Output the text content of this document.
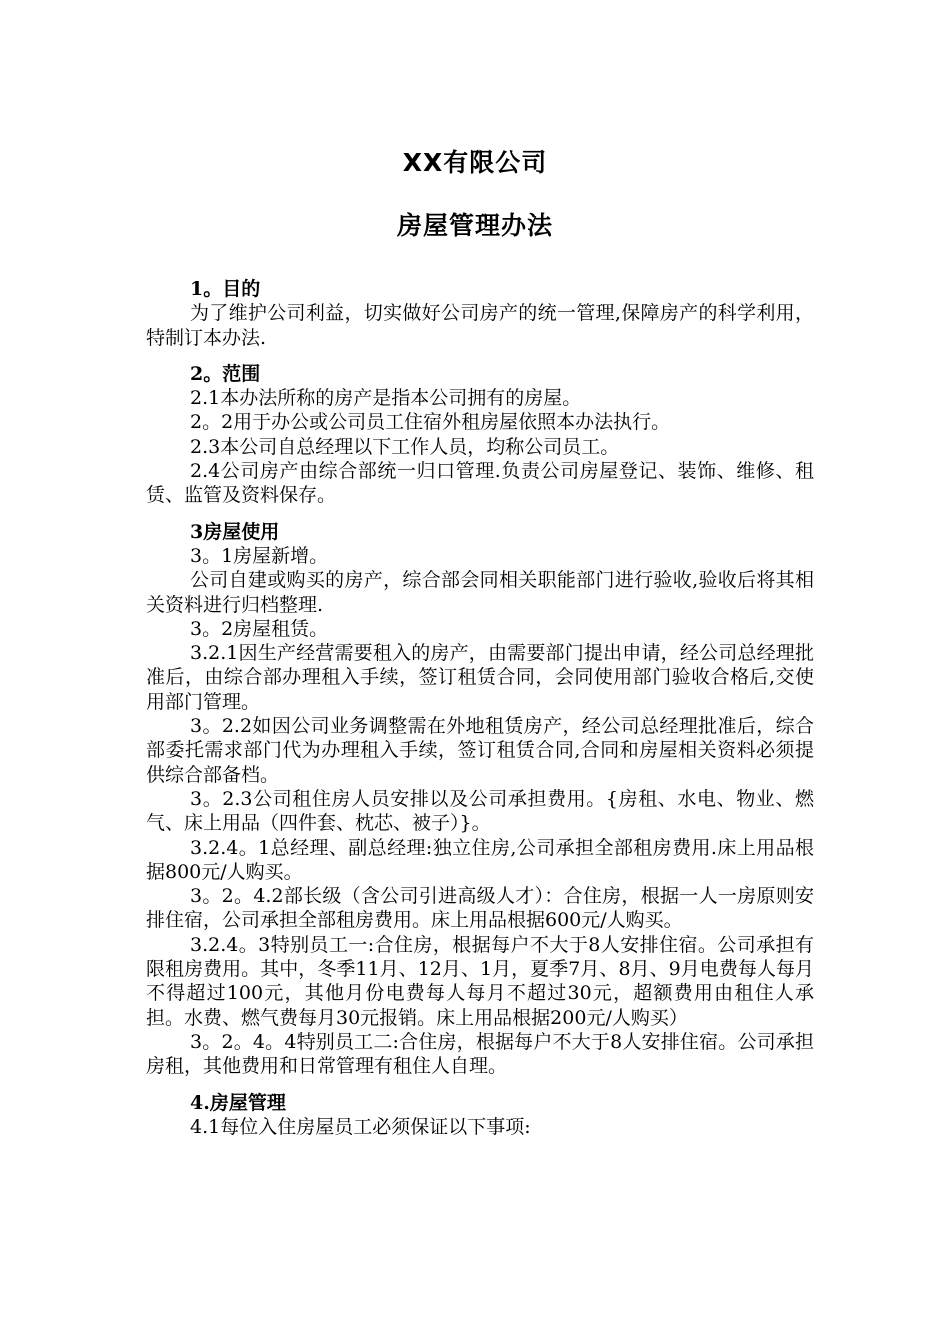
XX有限公司
房屋管理办法
1。目的
为了维护公司利益，切实做好公司房产的统一管理,保障房产的科学利用，特制订本办法.
2。范围
2.1本办法所称的房产是指本公司拥有的房屋。
2。2用于办公或公司员工住宿外租房屋依照本办法执行。
2.3本公司自总经理以下工作人员，均称公司员工。
2.4公司房产由综合部统一归口管理.负责公司房屋登记、装饰、维修、租赁、监管及资料保存。
3房屋使用
3。1房屋新增。
公司自建或购买的房产，综合部会同相关职能部门进行验收,验收后将其相关资料进行归档整理.
3。2房屋租赁。
3.2.1因生产经营需要租入的房产，由需要部门提出申请，经公司总经理批准后，由综合部办理租入手续，签订租赁合同，会同使用部门验收合格后,交使用部门管理。
3。2.2如因公司业务调整需在外地租赁房产，经公司总经理批准后，综合部委托需求部门代为办理租入手续，签订租赁合同,合同和房屋相关资料必须提供综合部备档。
3。2.3公司租住房人员安排以及公司承担费用。{房租、水电、物业、燃气、床上用品（四件套、枕芯、被子）}。
3.2.4。1总经理、副总经理:独立住房,公司承担全部租房费用.床上用品根据800元/人购买。
3。2。4.2部长级（含公司引进高级人才）：合住房，根据一人一房原则安排住宿，公司承担全部租房费用。床上用品根据600元/人购买。
3.2.4。3特别员工一:合住房，根据每户不大于8人安排住宿。公司承担有限租房费用。其中，冬季11月、12月、1月，夏季7月、8月、9月电费每人每月不得超过100元，其他月份电费每人每月不超过30元，超额费用由租住人承担。水费、燃气费每月30元报销。床上用品根据200元/人购买）
3。2。4。4特别员工二:合住房，根据每户不大于8人安排住宿。公司承担房租，其他费用和日常管理有租住人自理。
4.房屋管理
4.1每位入住房屋员工必须保证以下事项:
